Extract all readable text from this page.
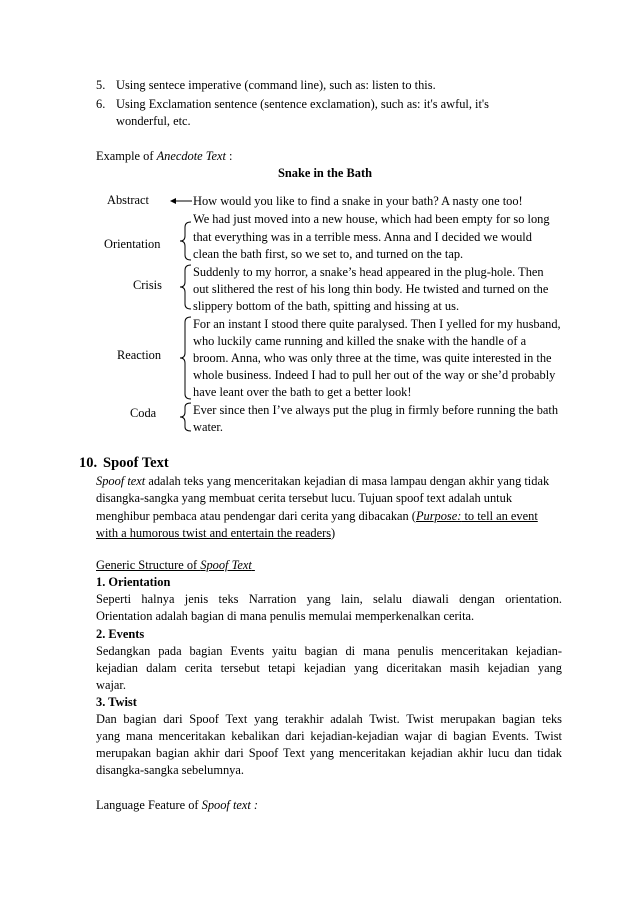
5. Using sentece imperative (command line), such as: listen to this.
6. Using Exclamation sentence (sentence exclamation), such as: it's awful, it's
wonderful, etc.
Example of Anecdote Text :
Snake in the Bath
Abstract
Orientation
Crisis
Reaction
Coda
How would you like to find a snake in your bath? A nasty one too!
We had just moved into a new house, which had been empty for so long
that everything was in a terrible mess. Anna and I decided we would
clean the bath first, so we set to, and turned on the tap.
Suddenly to my horror, a snake’s head appeared in the plug-hole. Then
out slithered the rest of his long thin body. He twisted and turned on the
slippery bottom of the bath, spitting and hissing at us.
For an instant I stood there quite paralysed. Then I yelled for my husband,
who luckily came running and killed the snake with the handle of a
broom. Anna, who was only three at the time, was quite interested in the
whole business. Indeed I had to pull her out of the way or she’d probably
have leant over the bath to get a better look!
Ever since then I’ve always put the plug in firmly before running the bath
water.
10. Spoof Text
Spoof text adalah teks yang menceritakan kejadian di masa lampau dengan akhir yang tidak
disangka-sangka yang membuat cerita tersebut lucu. Tujuan spoof text adalah untuk
menghibur pembaca atau pendengar dari cerita yang dibacakan (Purpose: to tell an event
with a humorous twist and entertain the readers)
Generic Structure of Spoof Text
1. Orientation
Seperti halnya jenis teks Narration yang lain, selalu diawali dengan orientation.
Orientation adalah bagian di mana penulis memulai memperkenalkan cerita.
2. Events
Sedangkan pada bagian Events yaitu bagian di mana penulis menceritakan kejadian-
kejadian dalam cerita tersebut tetapi kejadian yang diceritakan masih kejadian yang
wajar.
3. Twist
Dan bagian dari Spoof Text yang terakhir adalah Twist. Twist merupakan bagian teks
yang mana menceritakan kebalikan dari kejadian-kejadian wajar di bagian Events. Twist
merupakan bagian akhir dari Spoof Text yang menceritakan kejadian akhir lucu dan tidak
disangka-sangka sebelumnya.
Language Feature of Spoof text :
